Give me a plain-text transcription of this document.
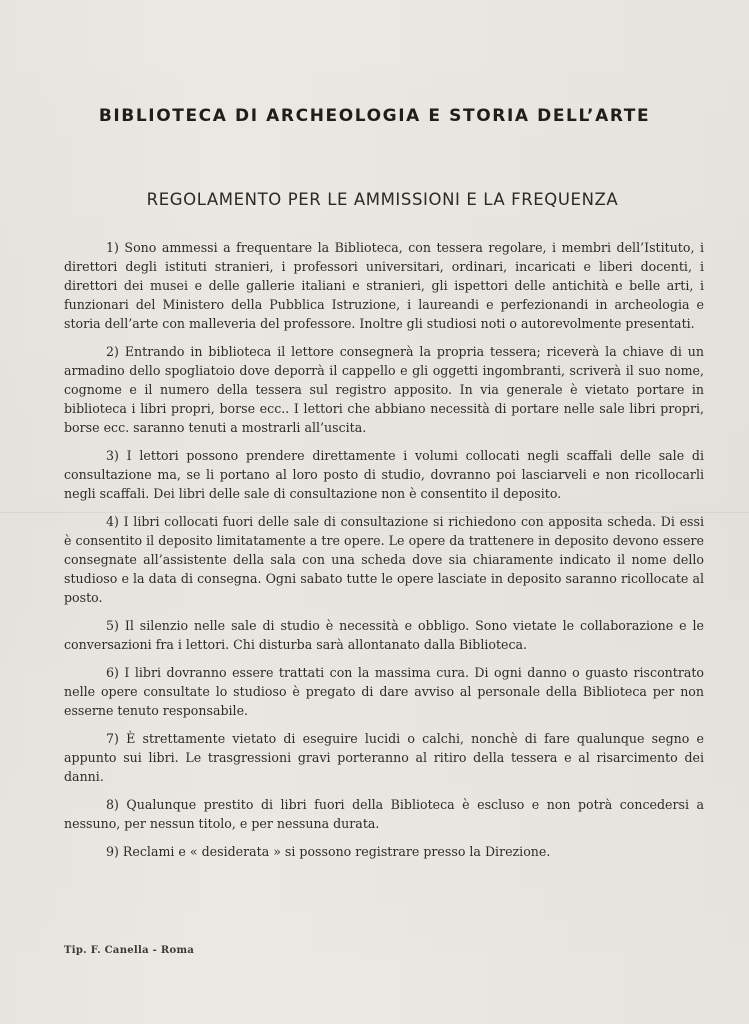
BIBLIOTECA DI ARCHEOLOGIA E STORIA DELL’ARTE
REGOLAMENTO PER LE AMMISSIONI E LA FREQUENZA

1) Sono ammessi a frequentare la Biblioteca, con tessera regolare, i membri dell’Istituto, i direttori degli istituti stranieri, i professori universitari, ordinari, incaricati e liberi docenti, i direttori dei musei e delle gallerie italiani e stranieri, gli ispettori delle antichità e belle arti, i funzionari del Ministero della Pubblica Istruzione, i laureandi e perfezionandi in archeologia e storia dell’arte con malleveria del professore. Inoltre gli studiosi noti o autorevolmente presentati.

2) Entrando in biblioteca il lettore consegnerà la propria tessera; riceverà la chiave di un armadino dello spogliatoio dove deporrà il cappello e gli oggetti ingombranti, scriverà il suo nome, cognome e il numero della tessera sul registro apposito. In via generale è vietato portare in biblioteca i libri propri, borse ecc.. I lettori che abbiano necessità di portare nelle sale libri propri, borse ecc. saranno tenuti a mostrarli all’uscita.

3) I lettori possono prendere direttamente i volumi collocati negli scaffali delle sale di consultazione ma, se li portano al loro posto di studio, dovranno poi lasciarveli e non ricollocarli negli scaffali. Dei libri delle sale di consultazione non è consentito il deposito.

4) I libri collocati fuori delle sale di consultazione si richiedono con apposita scheda. Di essi è consentito il deposito limitatamente a tre opere. Le opere da trattenere in deposito devono essere consegnate all’assistente della sala con una scheda dove sia chiaramente indicato il nome dello studioso e la data di consegna. Ogni sabato tutte le opere lasciate in deposito saranno ricollocate al posto.

5) Il silenzio nelle sale di studio è necessità e obbligo. Sono vietate le collaborazione e le conversazioni fra i lettori. Chi disturba sarà allontanato dalla Biblioteca.

6) I libri dovranno essere trattati con la massima cura. Di ogni danno o guasto riscontrato nelle opere consultate lo studioso è pregato di dare avviso al personale della Biblioteca per non esserne tenuto responsabile.

7) È strettamente vietato di eseguire lucidi o calchi, nonchè di fare qualunque segno e appunto sui libri. Le trasgressioni gravi porteranno al ritiro della tessera e al risarcimento dei danni.

8) Qualunque prestito di libri fuori della Biblioteca è escluso e non potrà concedersi a nessuno, per nessun titolo, e per nessuna durata.

9) Reclami e « desiderata » si possono registrare presso la Direzione.

Tip. F. Canella - Roma
